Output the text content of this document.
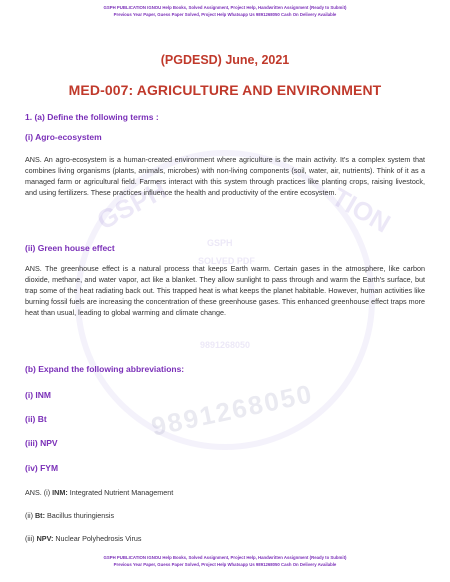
GSPH	TION
GSPH
SOLVED PDF
9891268050
9891268050
GSPH PUBLICATION IGNOU Help Books, Solved Assignment, Project Help, Handwritten Assignment (Ready to Submit)
Previous Year Paper, Guess Paper Solved, Project Help Whatsapp Us 9891268050 Cash On Delivery Available
(PGDESD) June, 2021
MED-007: AGRICULTURE AND ENVIRONMENT
1. (a) Define the following terms :
(i) Agro-ecosystem
ANS. An agro-ecosystem is a human-created environment where agriculture is the main activity. It's a complex system that combines living organisms (plants, animals, microbes) with non-living components (soil, water, air, nutrients). Think of it as a managed farm or agricultural field. Farmers interact with this system through practices like planting crops, raising livestock, and using fertilizers. These practices influence the health and productivity of the entire ecosystem.
(ii) Green house effect
ANS. The greenhouse effect is a natural process that keeps Earth warm. Certain gases in the atmosphere, like carbon dioxide, methane, and water vapor, act like a blanket. They allow sunlight to pass through and warm the Earth's surface, but trap some of the heat radiating back out. This trapped heat is what keeps the planet habitable. However, human activities like burning fossil fuels are increasing the concentration of these greenhouse gases. This enhanced greenhouse effect traps more heat than usual, leading to global warming and climate change.
(b) Expand the following abbreviations:
(i) INM
(ii) Bt
(iii) NPV
(iv) FYM
ANS. (i) INM: Integrated Nutrient Management
(ii) Bt: Bacillus thuringiensis
(iii) NPV: Nuclear Polyhedrosis Virus
GSPH PUBLICATION IGNOU Help Books, Solved Assignment, Project Help, Handwritten Assignment (Ready to Submit)
Previous Year Paper, Guess Paper Solved, Project Help Whatsapp Us 9891268050 Cash On Delivery Available
